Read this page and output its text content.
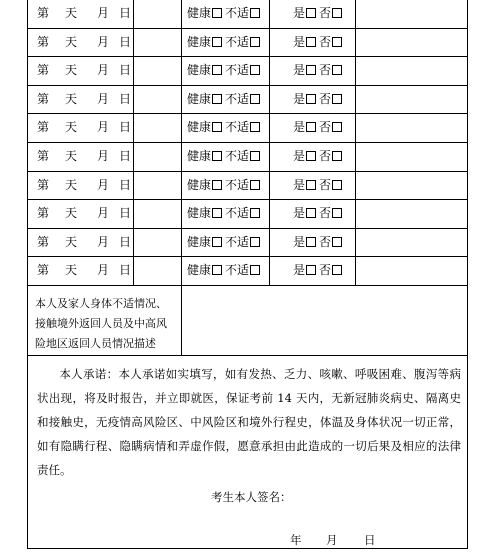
第 天 月 日	健康 不适	是 否
第 天 月 日	健康 不适	是 否
第 天 月 日	健康 不适	是 否
第 天 月 日	健康 不适	是 否
第 天 月 日	健康 不适	是 否
第 天 月 日	健康 不适	是 否
第 天 月 日	健康 不适	是 否
第 天 月 日	健康 不适	是 否
第 天 月 日	健康 不适	是 否
第 天 月 日	健康 不适	是 否
本人及家人身体不适情况、接触境外返回人员及中高风险地区返回人员情况描述
本人承诺：本人承诺如实填写，如有发热、乏力、咳嗽、呼吸困难、腹泻等病状出现，将及时报告，并立即就医，保证考前 14 天内，无新冠肺炎病史、隔离史和接触史，无疫情高风险区、中风险区和境外行程史，体温及身体状况一切正常，如有隐瞒行程、隐瞒病情和弄虚作假，愿意承担由此造成的一切后果及相应的法律责任。
考生本人签名：
年 月 日
